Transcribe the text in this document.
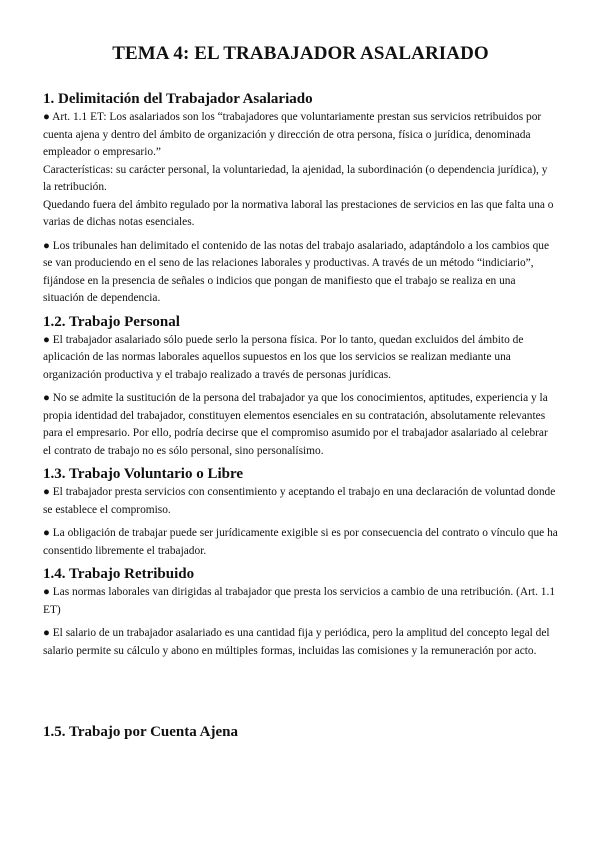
TEMA 4: EL TRABAJADOR ASALARIADO
1. Delimitación del Trabajador Asalariado

● Art. 1.1 ET: Los asalariados son los “trabajadores que voluntariamente prestan sus servicios retribuidos por cuenta ajena y dentro del ámbito de organización y dirección de otra persona, física o jurídica, denominada empleador o empresario.”

Características: su carácter personal, la voluntariedad, la ajenidad, la subordinación (o dependencia jurídica), y la retribución.

Quedando fuera del ámbito regulado por la normativa laboral las prestaciones de servicios en las que falta una o varias de dichas notas esenciales.

● Los tribunales han delimitado el contenido de las notas del trabajo asalariado, adaptándolo a los cambios que se van produciendo en el seno de las relaciones laborales y productivas. A través de un método “indiciario”, fijándose en la presencia de señales o indicios que pongan de manifiesto que el trabajo se realiza en una situación de dependencia.

1.2. Trabajo Personal

● El trabajador asalariado sólo puede serlo la persona física. Por lo tanto, quedan excluidos del ámbito de aplicación de las normas laborales aquellos supuestos en los que los servicios se realizan mediante una organización productiva y el trabajo realizado a través de personas jurídicas.

● No se admite la sustitución de la persona del trabajador ya que los conocimientos, aptitudes, experiencia y la propia identidad del trabajador, constituyen elementos esenciales en su contratación, absolutamente relevantes para el empresario. Por ello, podría decirse que el compromiso asumido por el trabajador asalariado al celebrar el contrato de trabajo no es sólo personal, sino personalísimo.

1.3. Trabajo Voluntario o Libre

● El trabajador presta servicios con consentimiento y aceptando el trabajo en una declaración de voluntad donde se establece el compromiso.

● La obligación de trabajar puede ser jurídicamente exigible si es por consecuencia del contrato o vínculo que ha consentido libremente el trabajador.

1.4. Trabajo Retribuido

● Las normas laborales van dirigidas al trabajador que presta los servicios a cambio de una retribución. (Art. 1.1 ET)

● El salario de un trabajador asalariado es una cantidad fija y periódica, pero la amplitud del concepto legal del salario permite su cálculo y abono en múltiples formas, incluidas las comisiones y la remuneración por acto.

1.5. Trabajo por Cuenta Ajena
